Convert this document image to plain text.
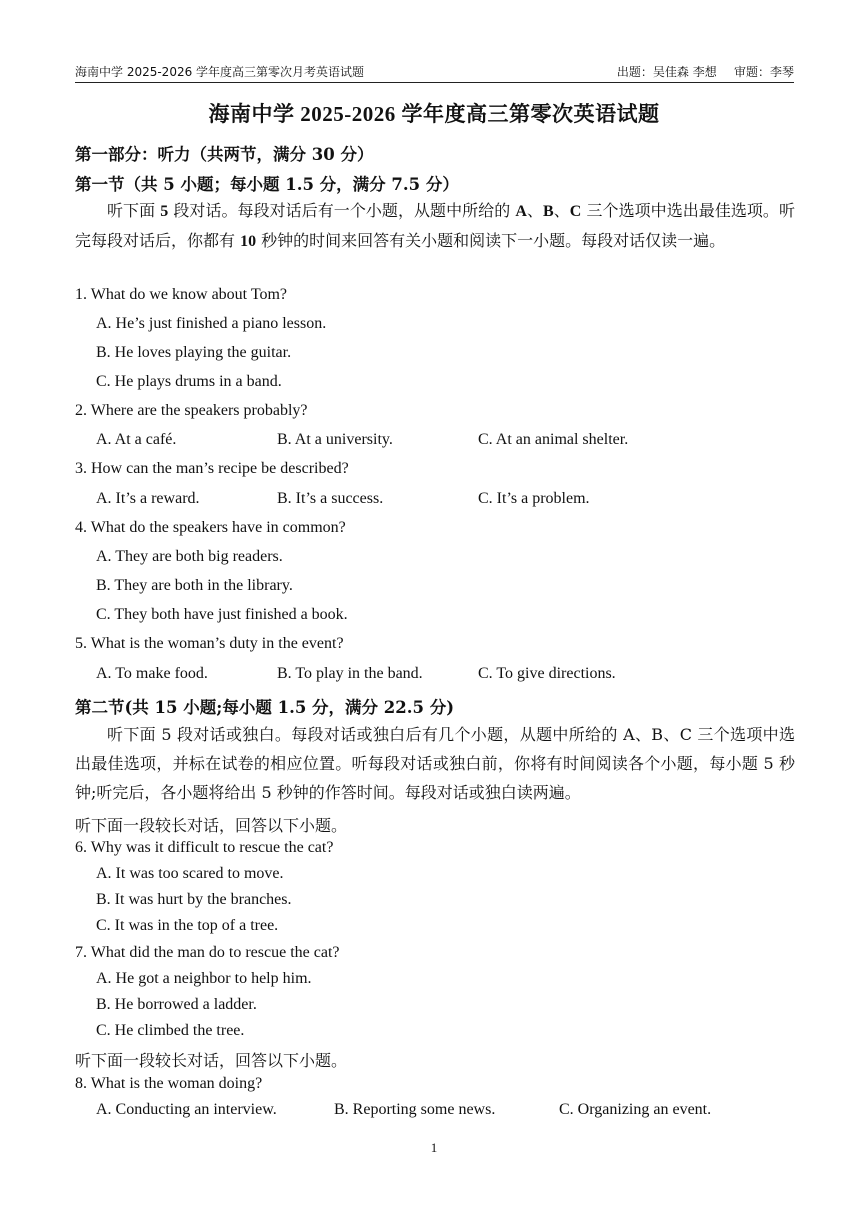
海南中学 2025-2026 学年度高三第零次月考英语试题	出题：吴佳森 李想 审题：李琴
海南中学 2025-2026 学年度高三第零次英语试题
第一部分：听力（共两节，满分 30 分）
第一节（共 5 小题；每小题 1.5 分，满分 7.5 分）
听下面 5 段对话。每段对话后有一个小题，从题中所给的 A、B、C 三个选项中选出最佳选项。听完每段对话后，你都有 10 秒钟的时间来回答有关小题和阅读下一小题。每段对话仅读一遍。
1. What do we know about Tom?
A. He’s just finished a piano lesson.
B. He loves playing the guitar.
C. He plays drums in a band.
2. Where are the speakers probably?
A. At a café.	B. At a university.	C. At an animal shelter.
3. How can the man’s recipe be described?
A. It’s a reward.	B. It’s a success.	C. It’s a problem.
4. What do the speakers have in common?
A. They are both big readers.
B. They are both in the library.
C. They both have just finished a book.
5. What is the woman’s duty in the event?
A. To make food.	B. To play in the band.	C. To give directions.
第二节(共 15 小题;每小题 1.5 分，满分 22.5 分)
听下面 5 段对话或独白。每段对话或独白后有几个小题，从题中所给的 A、B、C 三个选项中选出最佳选项，并标在试卷的相应位置。听每段对话或独白前，你将有时间阅读各个小题，每小题 5 秒钟;听完后，各小题将给出 5 秒钟的作答时间。每段对话或独白读两遍。
听下面一段较长对话，回答以下小题。
6. Why was it difficult to rescue the cat?
A. It was too scared to move.
B. It was hurt by the branches.
C. It was in the top of a tree.
7. What did the man do to rescue the cat?
A. He got a neighbor to help him.
B. He borrowed a ladder.
C. He climbed the tree.
听下面一段较长对话，回答以下小题。
8. What is the woman doing?
A. Conducting an interview.	B. Reporting some news.	C. Organizing an event.
1
